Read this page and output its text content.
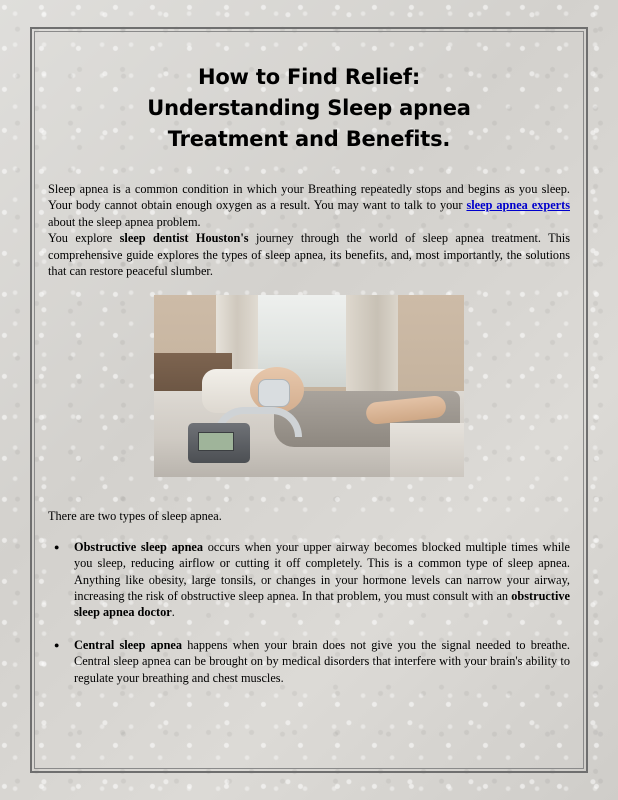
How to Find Relief:
Understanding Sleep apnea
Treatment and Benefits.

Sleep apnea is a common condition in which your Breathing repeatedly stops and begins as you sleep. Your body cannot obtain enough oxygen as a result. You may want to talk to your sleep apnea experts about the sleep apnea problem.

You explore sleep dentist Houston's journey through the world of sleep apnea treatment. This comprehensive guide explores the types of sleep apnea, its benefits, and, most importantly, the solutions that can restore peaceful slumber.

There are two types of sleep apnea.

● Obstructive sleep apnea occurs when your upper airway becomes blocked multiple times while you sleep, reducing airflow or cutting it off completely. This is a common type of sleep apnea. Anything like obesity, large tonsils, or changes in your hormone levels can narrow your airway, increasing the risk of obstructive sleep apnea. In that problem, you must consult with an obstructive sleep apnea doctor.
● Central sleep apnea happens when your brain does not give you the signal needed to breathe. Central sleep apnea can be brought on by medical disorders that interfere with your brain's ability to regulate your breathing and chest muscles.
